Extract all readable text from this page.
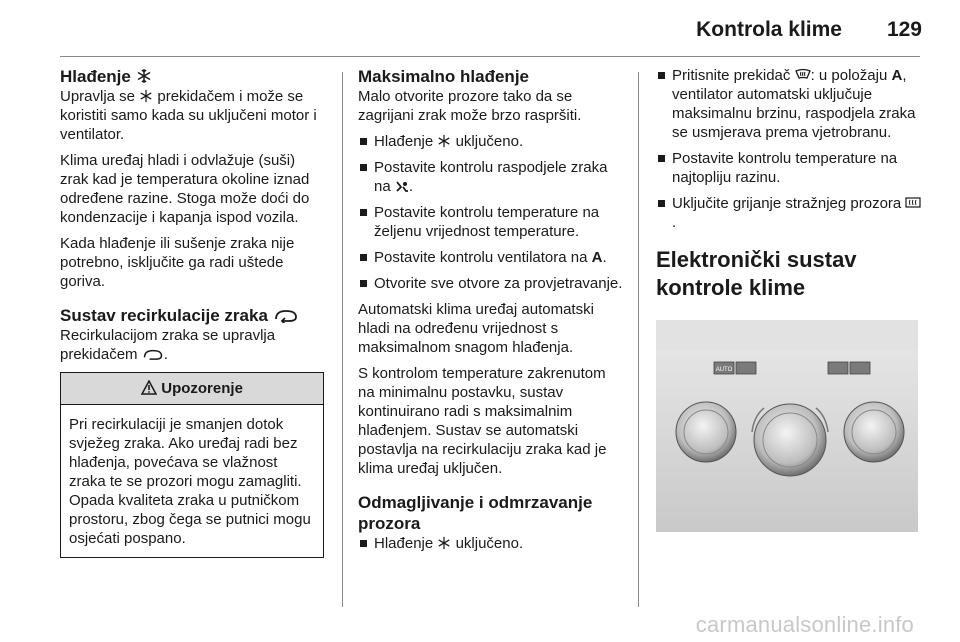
Kontrola klime 129
Hlađenje

Upravlja se prekidačem i može se koristiti samo kada su uključeni motor i ventilator.

Klima uređaj hladi i odvlažuje (suši) zrak kad je temperatura okoline iznad određene razine. Stoga može doći do kondenzacije i kapanja ispod vozila.

Kada hlađenje ili sušenje zraka nije potrebno, isključite ga radi uštede goriva.

Sustav recirkulacije zraka

Recirkulacijom zraka se upravlja prekidačem .

Upozorenje
Pri recirkulaciji je smanjen dotok svježeg zraka. Ako uređaj radi bez hlađenja, povećava se vlažnost zraka te se prozori mogu zamagliti. Opada kvaliteta zraka u putničkom prostoru, zbog čega se putnici mogu osjećati pospano.
Maksimalno hlađenje

Malo otvorite prozore tako da se zagrijani zrak može brzo raspršiti.

Hlađenje uključeno.
Postavite kontrolu raspodjele zraka na .
Postavite kontrolu temperature na željenu vrijednost temperature.
Postavite kontrolu ventilatora na A.
Otvorite sve otvore za provjetravanje.

Automatski klima uređaj automatski hladi na određenu vrijednost s maksimalnom snagom hlađenja.

S kontrolom temperature zakrenutom na minimalnu postavku, sustav kontinuirano radi s maksimalnim hlađenjem. Sustav se automatski postavlja na recirkulaciju zraka kad je klima uređaj uključen.

Odmagljivanje i odmrzavanje prozora
Hlađenje uključeno.
Pritisnite prekidač : u položaju A, ventilator automatski uključuje maksimalnu brzinu, raspodjela zraka se usmjerava prema vjetrobranu.
Postavite kontrolu temperature na najtopliju razinu.
Uključite grijanje stražnjeg prozora .
Elektronički sustav kontrole klime
AUTO
carmanualsonline.info
